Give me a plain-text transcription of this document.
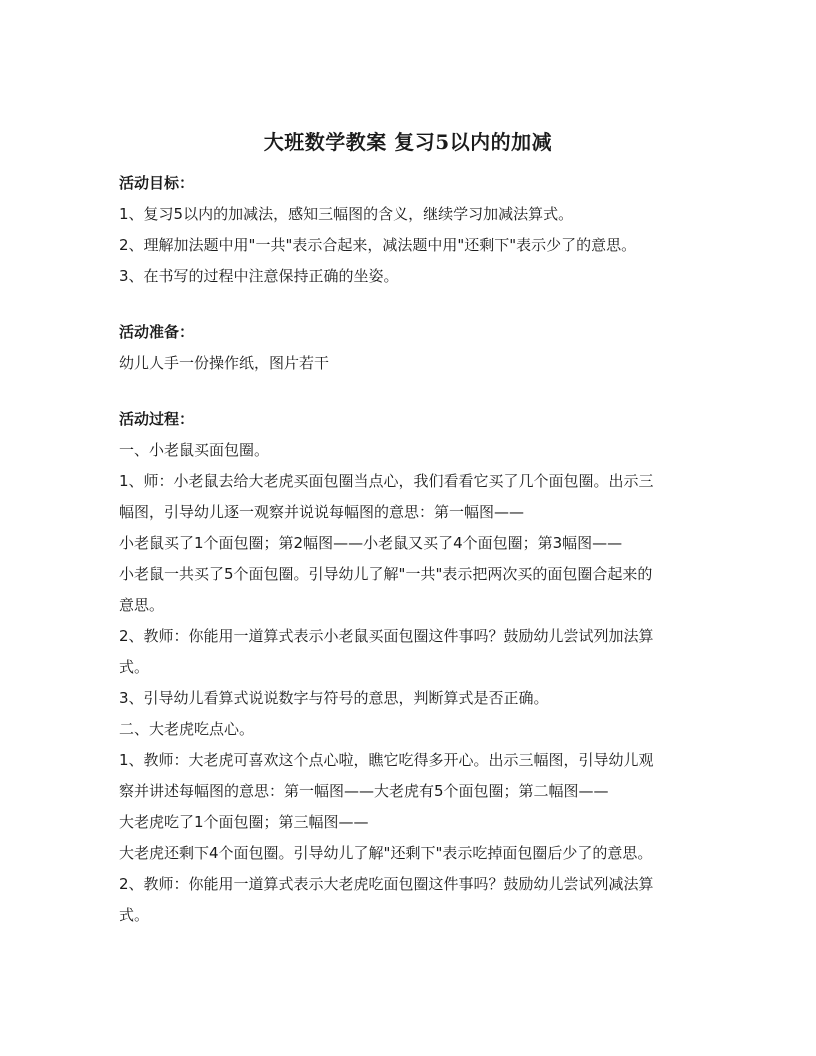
大班数学教案 复习5以内的加减
活动目标：
1、复习5以内的加减法，感知三幅图的含义，继续学习加减法算式。
2、理解加法题中用"一共"表示合起来，减法题中用"还剩下"表示少了的意思。
3、在书写的过程中注意保持正确的坐姿。
活动准备：
幼儿人手一份操作纸，图片若干
活动过程：
一、小老鼠买面包圈。
1、师：小老鼠去给大老虎买面包圈当点心，我们看看它买了几个面包圈。出示三
幅图，引导幼儿逐一观察并说说每幅图的意思：第一幅图——
小老鼠买了1个面包圈；第2幅图——小老鼠又买了4个面包圈；第3幅图——
小老鼠一共买了5个面包圈。引导幼儿了解"一共"表示把两次买的面包圈合起来的
意思。
2、教师：你能用一道算式表示小老鼠买面包圈这件事吗？鼓励幼儿尝试列加法算
式。
3、引导幼儿看算式说说数字与符号的意思，判断算式是否正确。
二、大老虎吃点心。
1、教师：大老虎可喜欢这个点心啦，瞧它吃得多开心。出示三幅图，引导幼儿观
察并讲述每幅图的意思：第一幅图——大老虎有5个面包圈；第二幅图——
大老虎吃了1个面包圈；第三幅图——
大老虎还剩下4个面包圈。引导幼儿了解"还剩下"表示吃掉面包圈后少了的意思。
2、教师：你能用一道算式表示大老虎吃面包圈这件事吗？鼓励幼儿尝试列减法算
式。
